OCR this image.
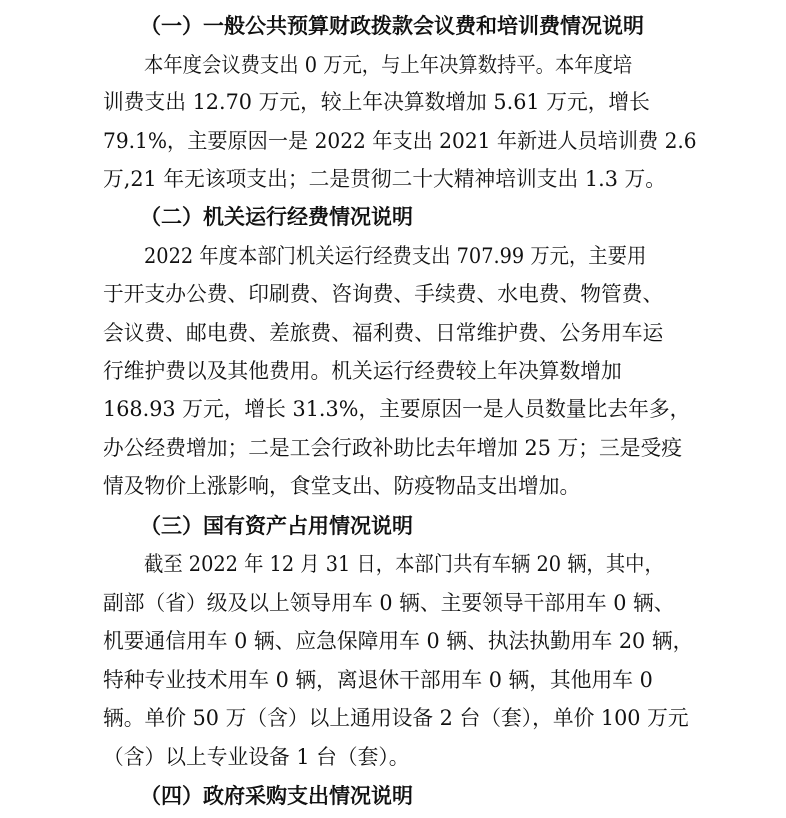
（一）一般公共预算财政拨款会议费和培训费情况说明
本年度会议费支出 0 万元，与上年决算数持平。本年度培
训费支出 12.70 万元，较上年决算数增加 5.61 万元，增长
79.1%，主要原因一是 2022 年支出 2021 年新进人员培训费 2.6
万,21 年无该项支出；二是贯彻二十大精神培训支出 1.3 万。
（二）机关运行经费情况说明
2022 年度本部门机关运行经费支出 707.99 万元，主要用
于开支办公费、印刷费、咨询费、手续费、水电费、物管费、
会议费、邮电费、差旅费、福利费、日常维护费、公务用车运
行维护费以及其他费用。机关运行经费较上年决算数增加
168.93 万元，增长 31.3%，主要原因一是人员数量比去年多，
办公经费增加；二是工会行政补助比去年增加 25 万；三是受疫
情及物价上涨影响，食堂支出、防疫物品支出增加。
（三）国有资产占用情况说明
截至 2022 年 12 月 31 日，本部门共有车辆 20 辆，其中，
副部（省）级及以上领导用车 0 辆、主要领导干部用车 0 辆、
机要通信用车 0 辆、应急保障用车 0 辆、执法执勤用车 20 辆，
特种专业技术用车 0 辆，离退休干部用车 0 辆，其他用车 0
辆。单价 50 万（含）以上通用设备 2 台（套），单价 100 万元
（含）以上专业设备 1 台（套）。
（四）政府采购支出情况说明
